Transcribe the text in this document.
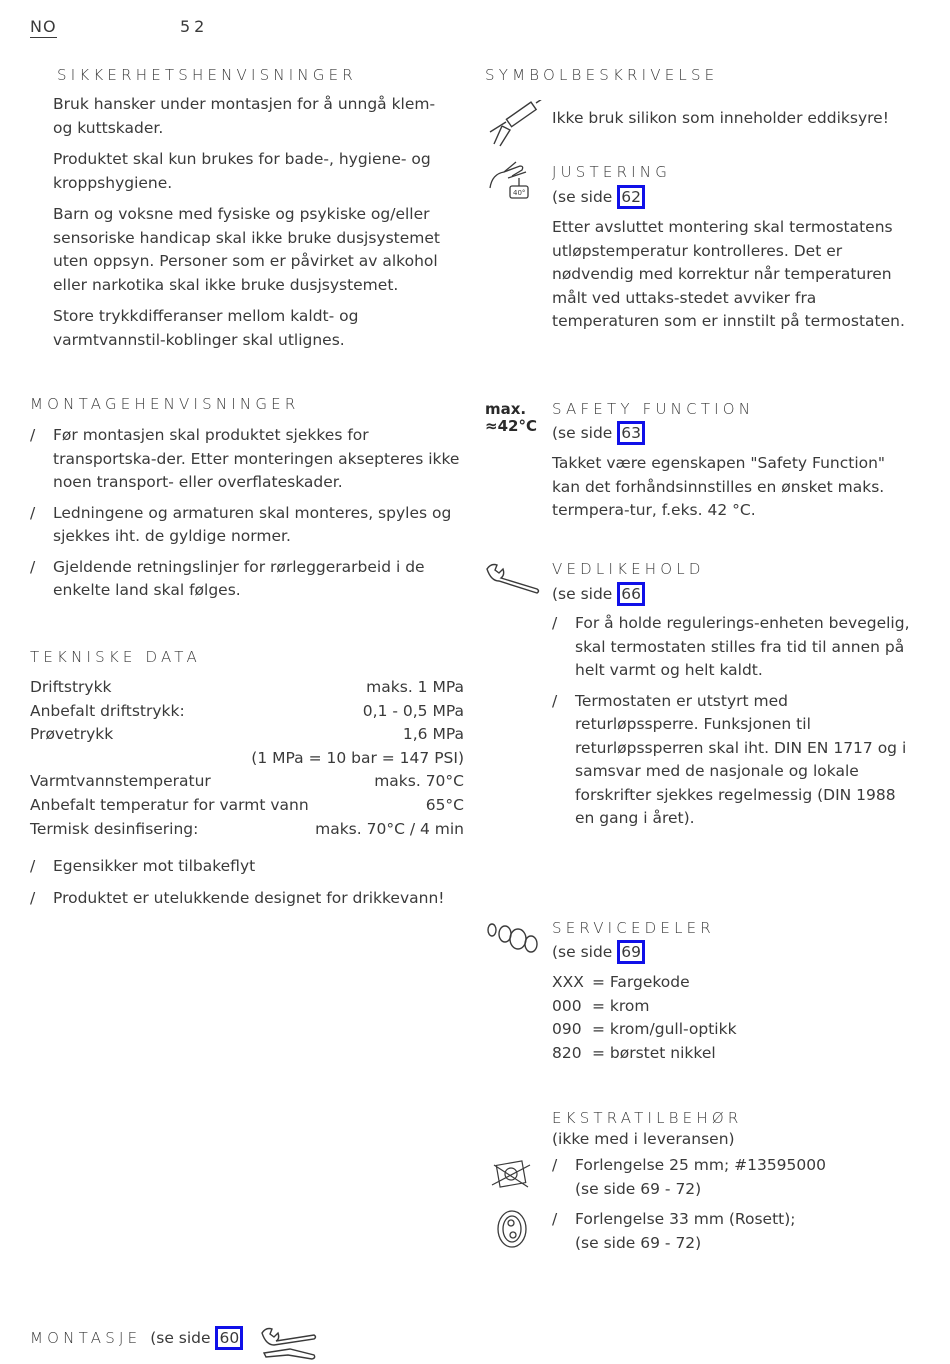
NO	52
SIKKERHETSHENVISNINGER

Bruk hansker under montasjen for å unngå klem- og kuttskader.

Produktet skal kun brukes for bade-, hygiene- og kroppshygiene.

Barn og voksne med fysiske og psykiske og/eller sensoriske handicap skal ikke bruke dusjsystemet uten oppsyn. Personer som er påvirket av alkohol eller narkotika skal ikke bruke dusjsystemet.

Store trykkdifferanser mellom kaldt- og varmtvannstil-koblinger skal utlignes.

MONTAGEHENVISNINGER

/ Før montasjen skal produktet sjekkes for transportska-der. Etter monteringen aksepteres ikke noen transport- eller overflateskader.

/ Ledningene og armaturen skal monteres, spyles og sjekkes iht. de gyldige normer.

/ Gjeldende retningslinjer for rørleggerarbeid i de enkelte land skal følges.

TEKNISKE DATA
Driftstrykk	maks. 1 MPa
Anbefalt driftstrykk:	0,1 - 0,5 MPa
Prøvetrykk	1,6 MPa
(1 MPa = 10 bar = 147 PSI)
Varmtvannstemperatur	maks. 70°C
Anbefalt temperatur for varmt vann	65°C
Termisk desinfisering:	maks. 70°C / 4 min

/ Egensikker mot tilbakeflyt

/ Produktet er utelukkende designet for drikkevann!

SYMBOLBESKRIVELSE
Ikke bruk silikon som inneholder eddiksyre!
40°
JUSTERING
(se side 62

Etter avsluttet montering skal termostatens utløpstemperatur kontrolleres. Det er nødvendig med korrektur når temperaturen målt ved uttaks-stedet avviker fra temperaturen som er innstilt på termostaten.

max.
≈42°C
SAFETY FUNCTION
(se side 63

Takket være egenskapen "Safety Function" kan det forhåndsinnstilles en ønsket maks. termpera-tur, f.eks. 42 °C.

VEDLIKEHOLD
(se side 66

/ For å holde regulerings-enheten bevegelig, skal termostaten stilles fra tid til annen på helt varmt og helt kaldt.

/ Termostaten er utstyrt med returløpssperre. Funksjonen til returløpssperren skal iht. DIN EN 1717 og i samsvar med de nasjonale og lokale forskrifter sjekkes regelmessig (DIN 1988 en gang i året).

SERVICEDELER
(se side 69
XXX = Fargekode
000 = krom
090 = krom/gull-optikk
820 = børstet nikkel
EKSTRATILBEHØR
(ikke med i leveransen)

/ Forlengelse 25 mm; #13595000
(se side 69 - 72)

/ Forlengelse 33 mm (Rosett);
(se side 69 - 72)

MONTASJE (se side 60
